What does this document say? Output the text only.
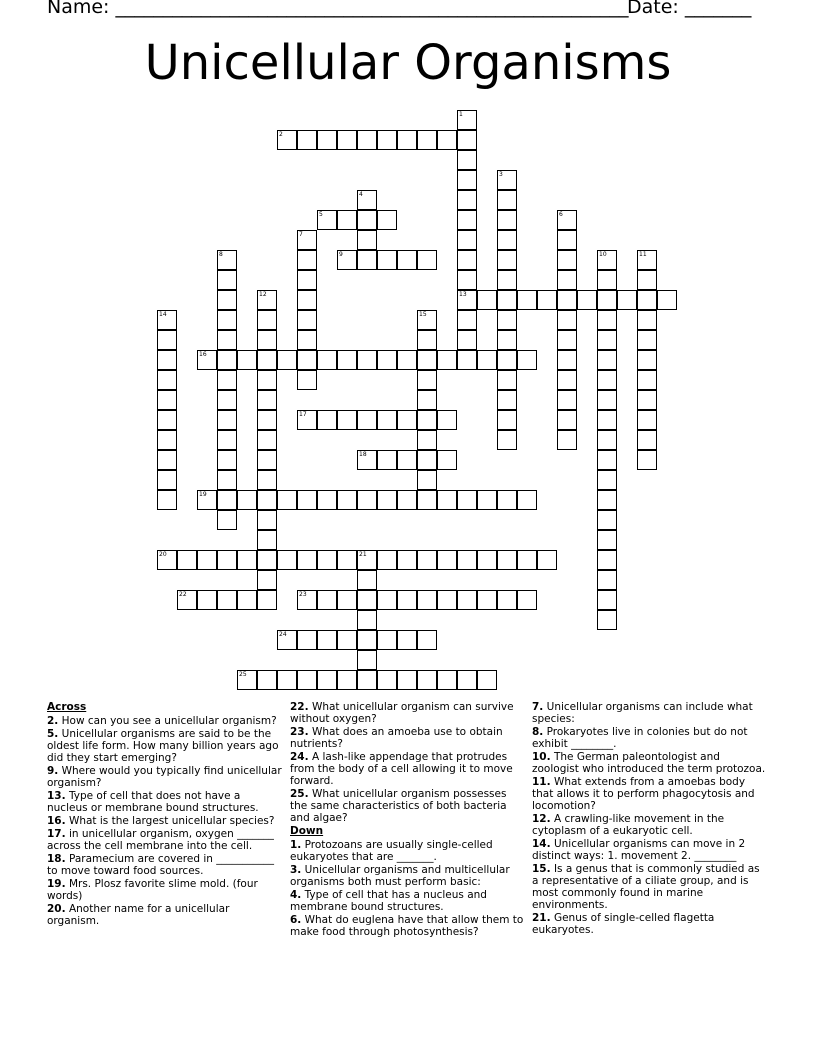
Name: ______________________________________________________
Date: _______
Unicellular Organisms
1
13
2
3
4
5	6
7
8	9	10	11
12
14	15
16
17
18
19
20	21
22	23
24
25
Across
2. How can you see a unicellular organism?
5. Unicellular organisms are said to be the oldest life form. How many billion years ago did they start emerging?
9. Where would you typically find unicellular organism?
13. Type of cell that does not have a nucleus or membrane bound structures.
16. What is the largest unicellular species?
17. in unicellular organism, oxygen _______ across the cell membrane into the cell.
18. Paramecium are covered in ___________ to move toward food sources.
19. Mrs. Plosz favorite slime mold. (four words)
20. Another name for a unicellular organism.
22. What unicellular organism can survive without oxygen?
23. What does an amoeba use to obtain nutrients?
24. A lash-like appendage that protrudes from the body of a cell allowing it to move forward.
25. What unicellular organism possesses the same characteristics of both bacteria and algae?
Down
1. Protozoans are usually single-celled eukaryotes that are _______.
3. Unicellular organisms and multicellular organisms both must perform basic:
4. Type of cell that has a nucleus and membrane bound structures.
6. What do euglena have that allow them to make food through photosynthesis?
7. Unicellular organisms can include what species:
8. Prokaryotes live in colonies but do not exhibit ________.
10. The German paleontologist and zoologist who introduced the term protozoa.
11. What extends from a amoebas body that allows it to perform phagocytosis and locomotion?
12. A crawling-like movement in the cytoplasm of a eukaryotic cell.
14. Unicellular organisms can move in 2 distinct ways: 1. movement 2. ________
15. Is a genus that is commonly studied as a representative of a ciliate group, and is most commonly found in marine environments.
21. Genus of single-celled flagetta eukaryotes.
